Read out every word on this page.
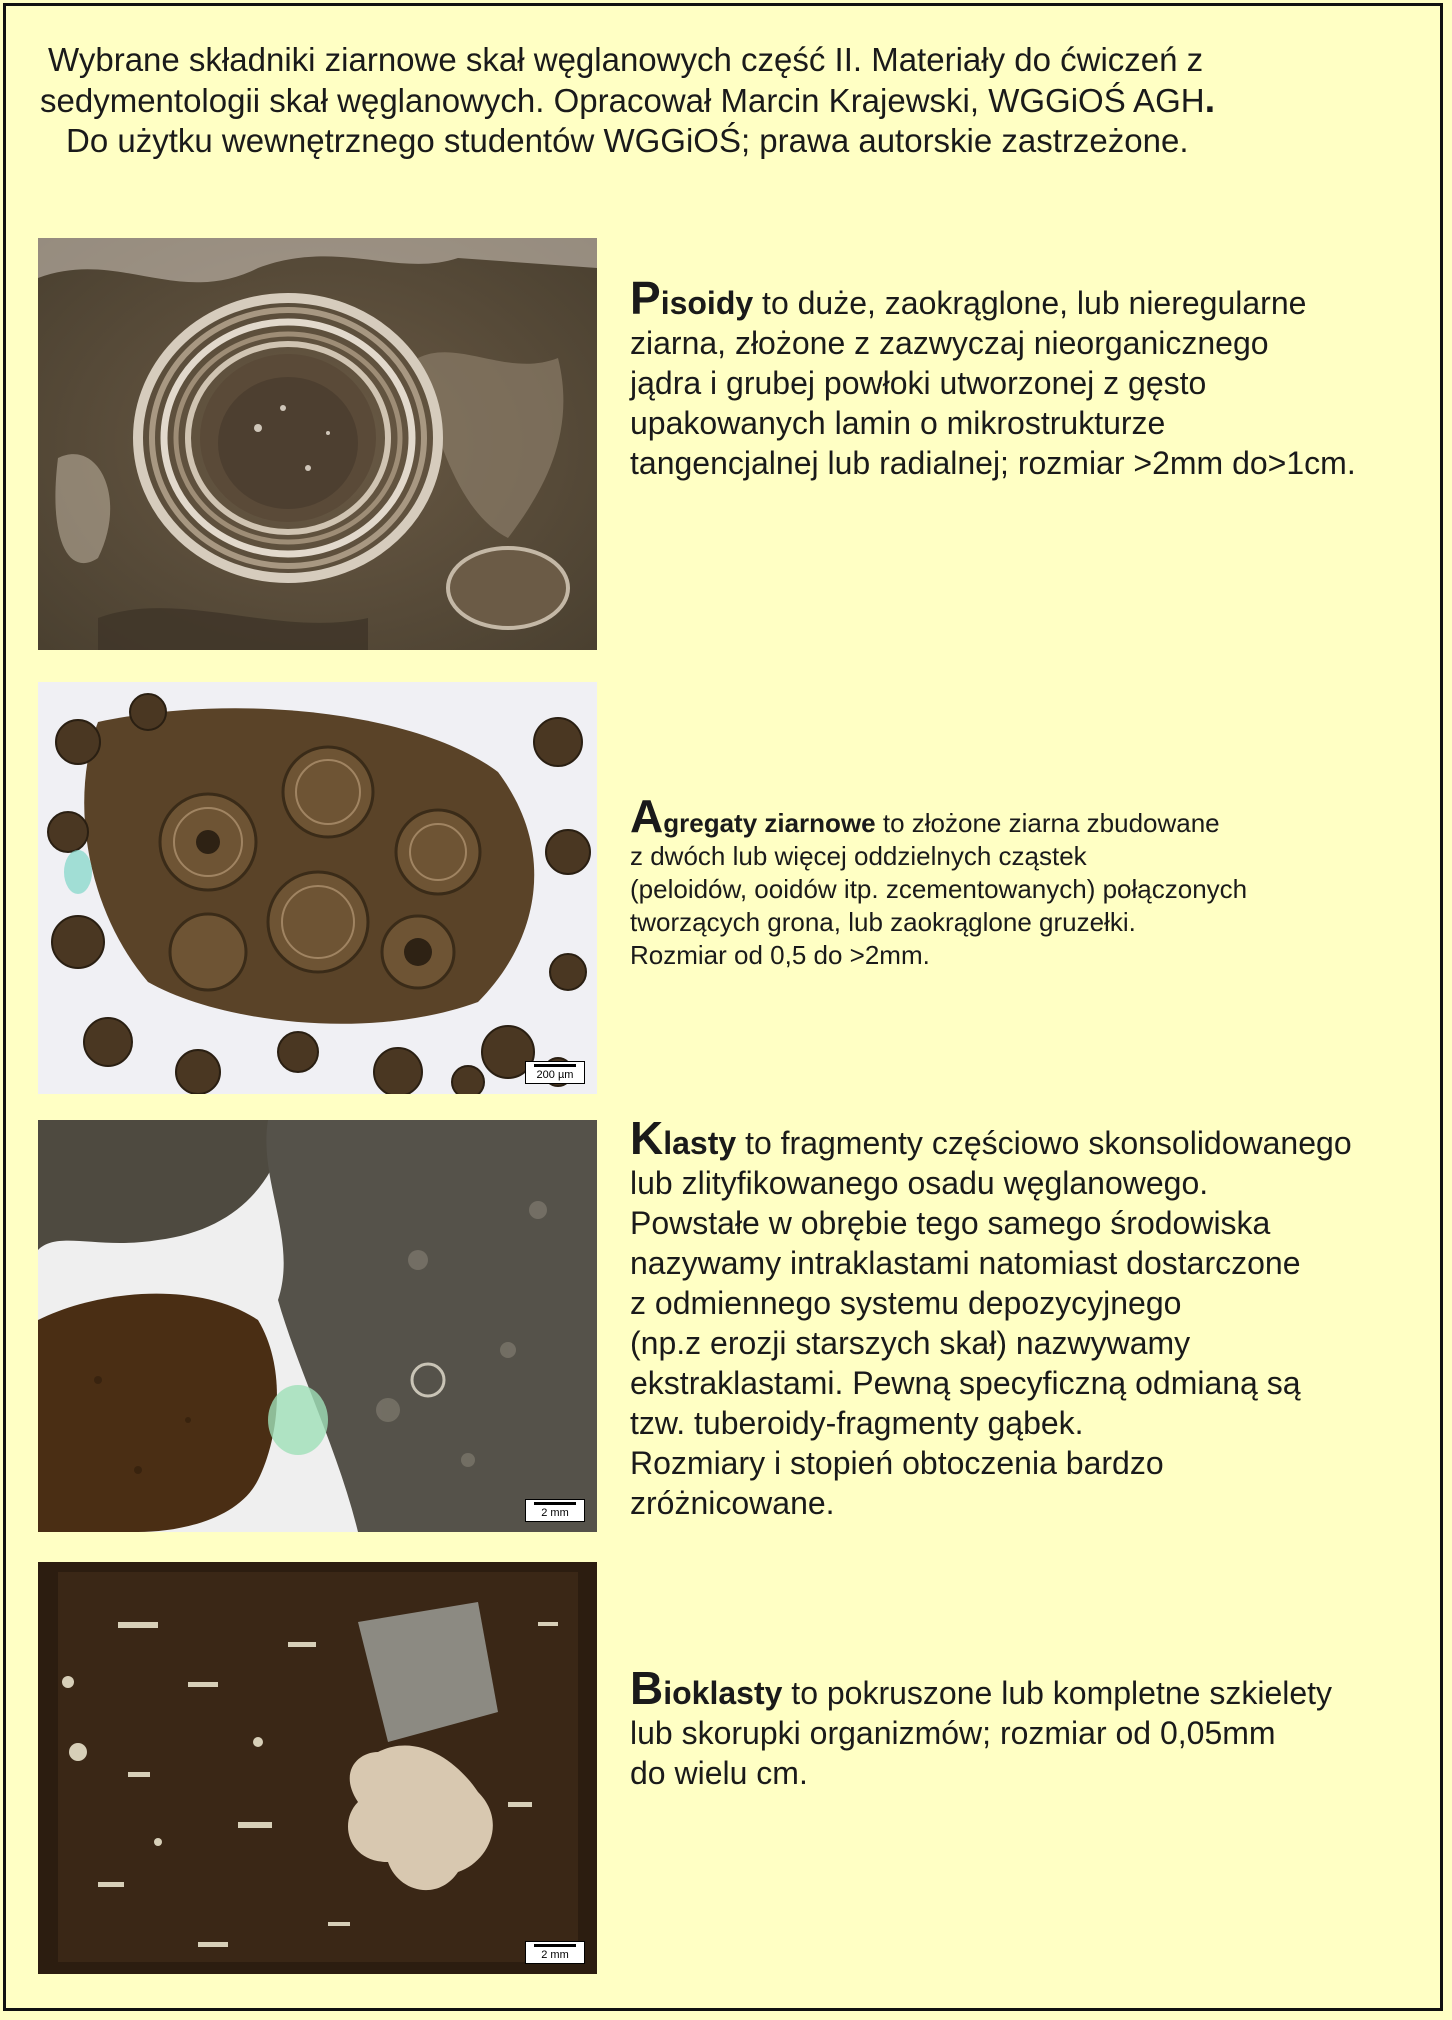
Wybrane składniki ziarnowe skał węglanowych część II. Materiały do ćwiczeń z
sedymentologii skał węglanowych. Opracował Marcin Krajewski, WGGiOŚ AGH.
Do użytku wewnętrznego studentów WGGiOŚ; prawa autorskie zastrzeżone.
200 µm
2 mm
2 mm
Pisoidy to duże, zaokrąglone, lub nieregularne
ziarna, złożone z zazwyczaj nieorganicznego
jądra i grubej powłoki utworzonej z gęsto
upakowanych lamin o mikrostrukturze
tangencjalnej lub radialnej; rozmiar >2mm do>1cm.
Agregaty ziarnowe to złożone ziarna zbudowane
z dwóch lub więcej oddzielnych cząstek
(peloidów, ooidów itp. zcementowanych) połączonych
tworzących grona, lub zaokrąglone gruzełki.
Rozmiar od 0,5 do >2mm.
Klasty to fragmenty częściowo skonsolidowanego
lub zlityfikowanego osadu węglanowego.
Powstałe w obrębie tego samego środowiska
nazywamy intraklastami natomiast dostarczone
z odmiennego systemu depozycyjnego
(np.z erozji starszych skał) nazwywamy
ekstraklastami. Pewną specyficzną odmianą są
tzw. tuberoidy-fragmenty gąbek.
Rozmiary i stopień obtoczenia bardzo
zróżnicowane.
Bioklasty to pokruszone lub kompletne szkielety
lub skorupki organizmów; rozmiar od 0,05mm
do wielu cm.
